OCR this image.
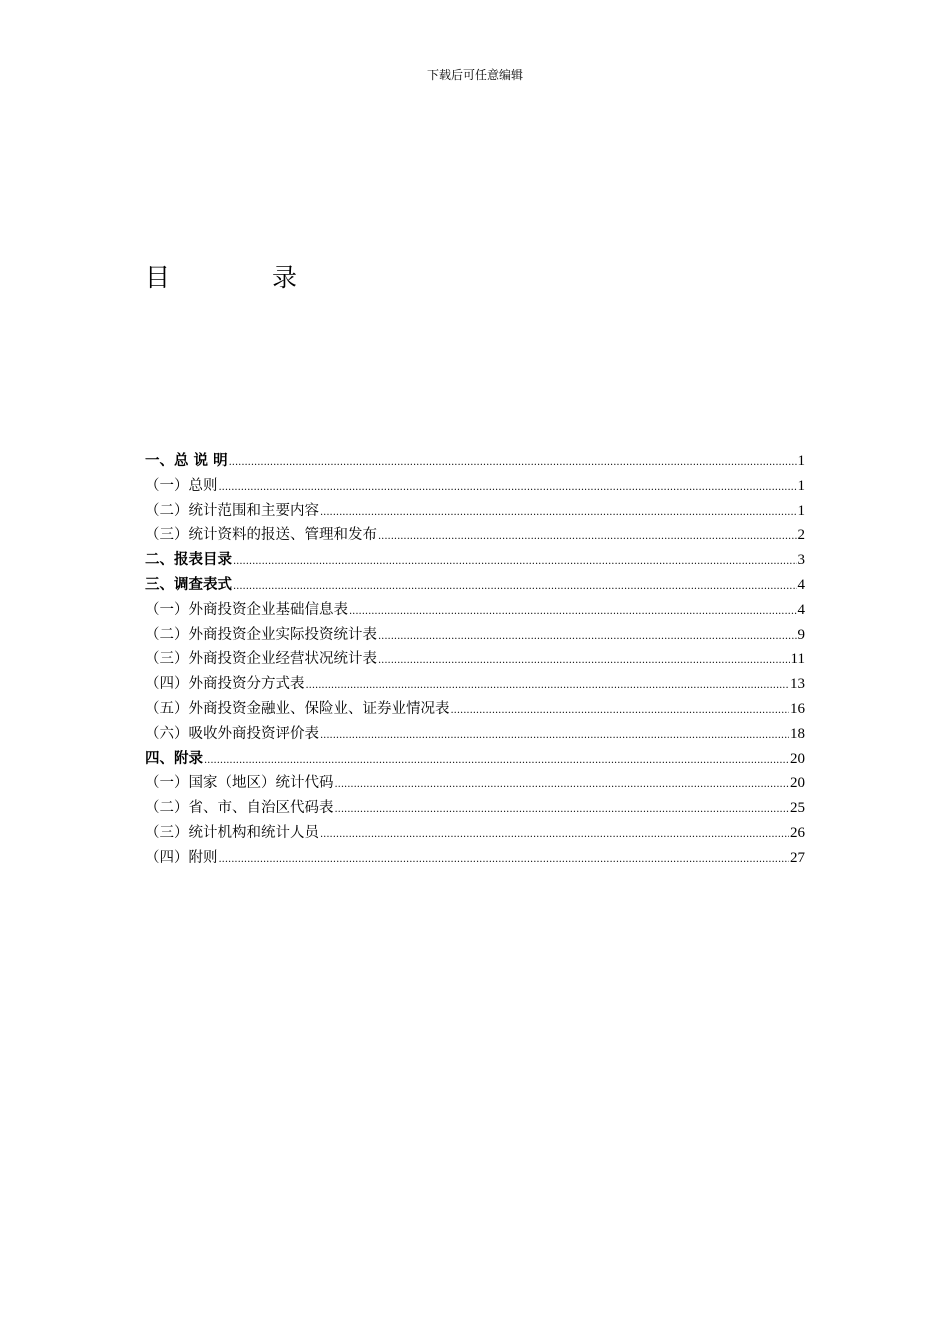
下载后可任意编辑
目	录
一、总 说 明 .....	1
（一）总则 .....	1
（二）统计范围和主要内容 .....	1
（三）统计资料的报送、管理和发布 .....	2
二、报表目录 .....	3
三、调查表式 .....	4
（一）外商投资企业基础信息表 .....	4
（二）外商投资企业实际投资统计表 .....	9
（三）外商投资企业经营状况统计表 .....	11
（四）外商投资分方式表 .....	13
（五）外商投资金融业、保险业、证券业情况表 .....	16
（六）吸收外商投资评价表 .....	18
四、附录 .....	20
（一）国家（地区）统计代码 .....	20
（二）省、市、自治区代码表 .....	25
（三）统计机构和统计人员 .....	26
（四）附则 .....	27
